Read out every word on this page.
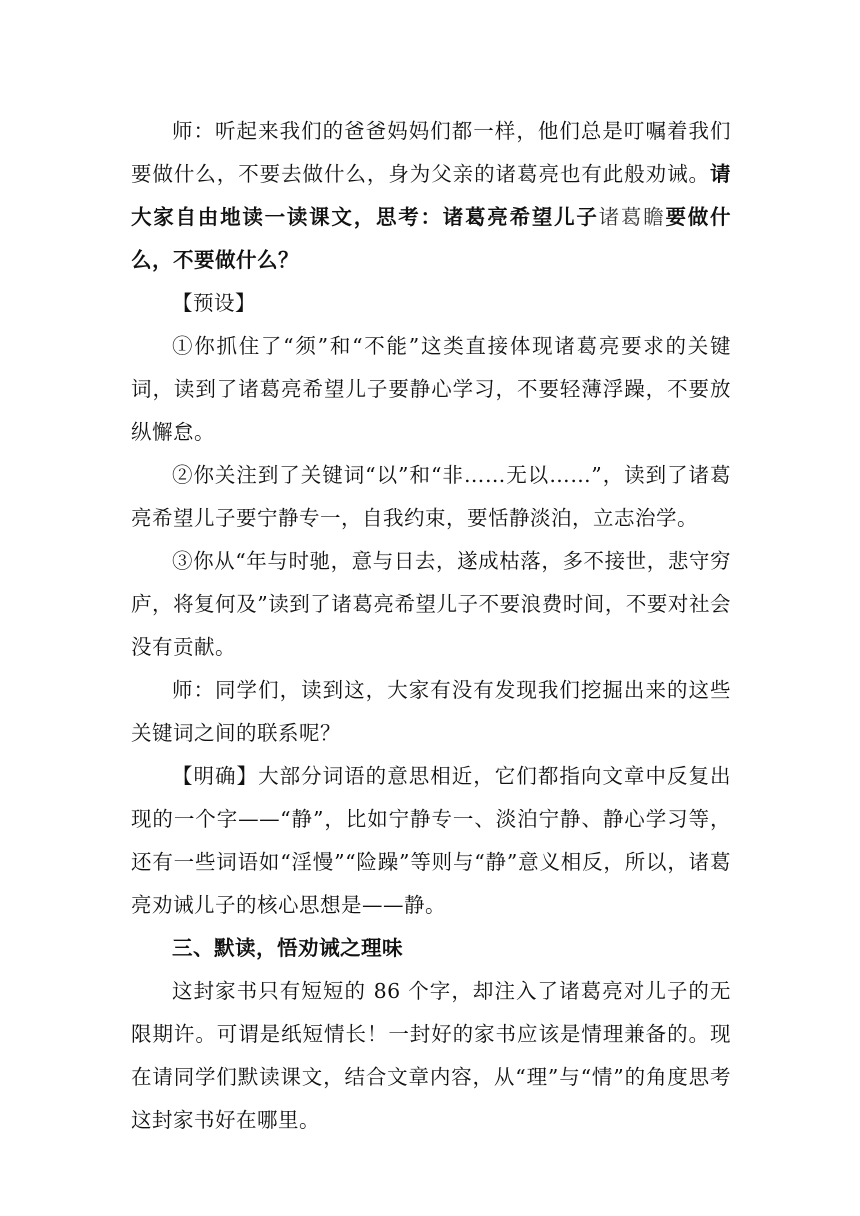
师：听起来我们的爸爸妈妈们都一样，他们总是叮嘱着我们要做什么，不要去做什么，身为父亲的诸葛亮也有此般劝诫。请大家自由地读一读课文，思考：诸葛亮希望儿子诸葛瞻要做什么，不要做什么？

【预设】

①你抓住了“须”和“不能”这类直接体现诸葛亮要求的关键词，读到了诸葛亮希望儿子要静心学习，不要轻薄浮躁，不要放纵懈怠。

②你关注到了关键词“以”和“非……无以……”，读到了诸葛亮希望儿子要宁静专一，自我约束，要恬静淡泊，立志治学。

③你从“年与时驰，意与日去，遂成枯落，多不接世，悲守穷庐，将复何及”读到了诸葛亮希望儿子不要浪费时间，不要对社会没有贡献。

师：同学们，读到这，大家有没有发现我们挖掘出来的这些关键词之间的联系呢？

【明确】大部分词语的意思相近，它们都指向文章中反复出现的一个字——“静”，比如宁静专一、淡泊宁静、静心学习等，还有一些词语如“淫慢”“险躁”等则与“静”意义相反，所以，诸葛亮劝诫儿子的核心思想是——静。

三、默读，悟劝诫之理味

这封家书只有短短的 86 个字，却注入了诸葛亮对儿子的无限期许。可谓是纸短情长！一封好的家书应该是情理兼备的。现在请同学们默读课文，结合文章内容，从“理”与“情”的角度思考这封家书好在哪里。
